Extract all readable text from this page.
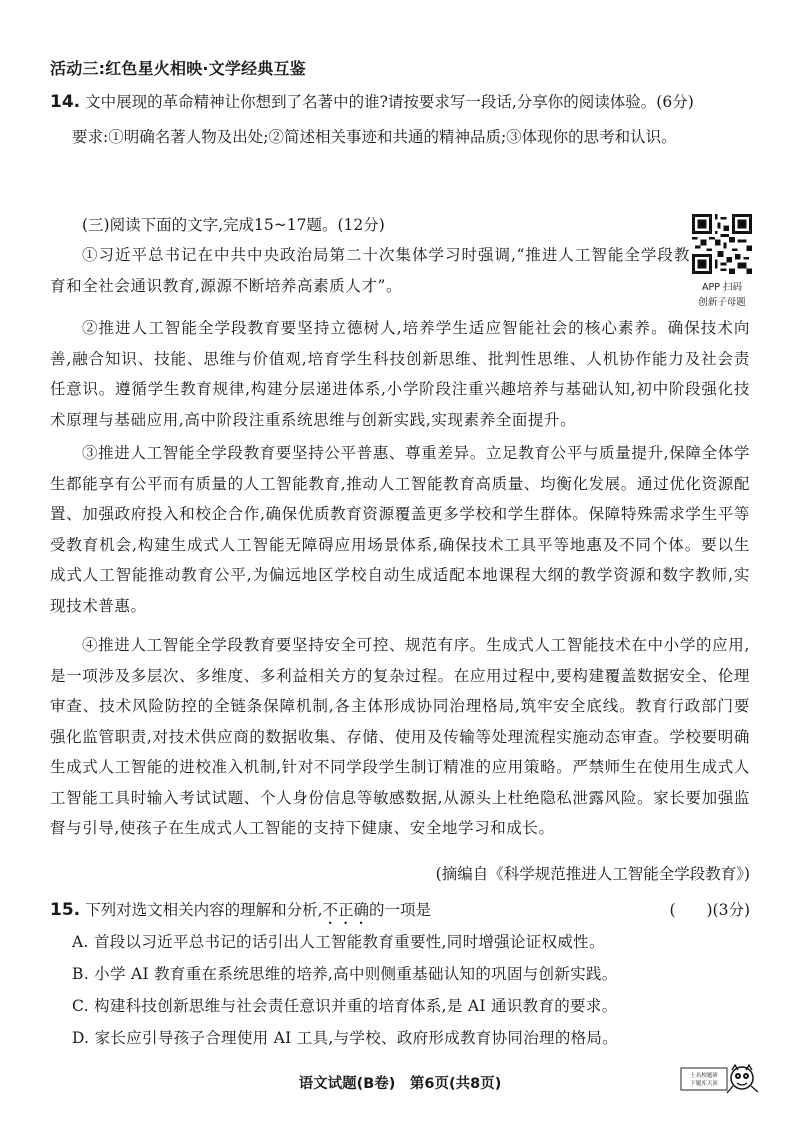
活动三:红色星火相映·文学经典互鉴
14. 文中展现的革命精神让你想到了名著中的谁?请按要求写一段话,分享你的阅读体验。(6分)
要求:①明确名著人物及出处;②简述相关事迹和共通的精神品质;③体现你的思考和认识。
(三)阅读下面的文字,完成15~17题。(12分)
APP 扫码
创新子母题
①习近平总书记在中共中央政治局第二十次集体学习时强调,“推进人工智能全学段教育和全社会通识教育,源源不断培养高素质人才”。
②推进人工智能全学段教育要坚持立德树人,培养学生适应智能社会的核心素养。确保技术向善,融合知识、技能、思维与价值观,培育学生科技创新思维、批判性思维、人机协作能力及社会责任意识。遵循学生教育规律,构建分层递进体系,小学阶段注重兴趣培养与基础认知,初中阶段强化技术原理与基础应用,高中阶段注重系统思维与创新实践,实现素养全面提升。
③推进人工智能全学段教育要坚持公平普惠、尊重差异。立足教育公平与质量提升,保障全体学生都能享有公平而有质量的人工智能教育,推动人工智能教育高质量、均衡化发展。通过优化资源配置、加强政府投入和校企合作,确保优质教育资源覆盖更多学校和学生群体。保障特殊需求学生平等受教育机会,构建生成式人工智能无障碍应用场景体系,确保技术工具平等地惠及不同个体。要以生成式人工智能推动教育公平,为偏远地区学校自动生成适配本地课程大纲的教学资源和数字教师,实现技术普惠。
④推进人工智能全学段教育要坚持安全可控、规范有序。生成式人工智能技术在中小学的应用,是一项涉及多层次、多维度、多利益相关方的复杂过程。在应用过程中,要构建覆盖数据安全、伦理审查、技术风险防控的全链条保障机制,各主体形成协同治理格局,筑牢安全底线。教育行政部门要强化监管职责,对技术供应商的数据收集、存储、使用及传输等处理流程实施动态审查。学校要明确生成式人工智能的进校准入机制,针对不同学段学生制订精准的应用策略。严禁师生在使用生成式人工智能工具时输入考试试题、个人身份信息等敏感数据,从源头上杜绝隐私泄露风险。家长要加强监督与引导,使孩子在生成式人工智能的支持下健康、安全地学习和成长。
(摘编自《科学规范推进人工智能全学段教育》)
15. 下列对选文相关内容的理解和分析,不正确的一项是	(　　)(3分)
A. 首段以习近平总书记的话引出人工智能教育重要性,同时增强论证权威性。
B. 小学 AI 教育重在系统思维的培养,高中则侧重基础认知的巩固与创新实践。
C. 构建科技创新思维与社会责任意识并重的培育体系,是 AI 通识教育的要求。
D. 家长应引导孩子合理使用 AI 工具,与学校、政府形成教育协同治理的格局。
语文试题(B卷)　第6页(共8页)	上名校题研
下题库天顶
